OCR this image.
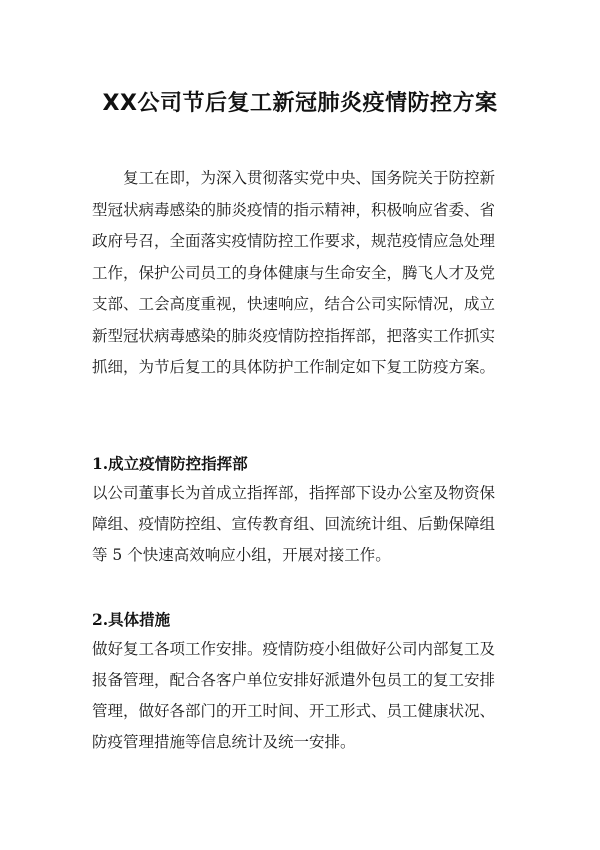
XX公司节后复工新冠肺炎疫情防控方案
　　复工在即，为深入贯彻落实党中央、国务院关于防控新
型冠状病毒感染的肺炎疫情的指示精神，积极响应省委、省
政府号召，全面落实疫情防控工作要求，规范疫情应急处理
工作，保护公司员工的身体健康与生命安全，腾飞人才及党
支部、工会高度重视，快速响应，结合公司实际情况，成立
新型冠状病毒感染的肺炎疫情防控指挥部，把落实工作抓实
抓细，为节后复工的具体防护工作制定如下复工防疫方案。
1.成立疫情防控指挥部
以公司董事长为首成立指挥部，指挥部下设办公室及物资保
障组、疫情防控组、宣传教育组、回流统计组、后勤保障组
等 5 个快速高效响应小组，开展对接工作。
2.具体措施
做好复工各项工作安排。疫情防疫小组做好公司内部复工及
报备管理，配合各客户单位安排好派遣外包员工的复工安排
管理，做好各部门的开工时间、开工形式、员工健康状况、
防疫管理措施等信息统计及统一安排。
